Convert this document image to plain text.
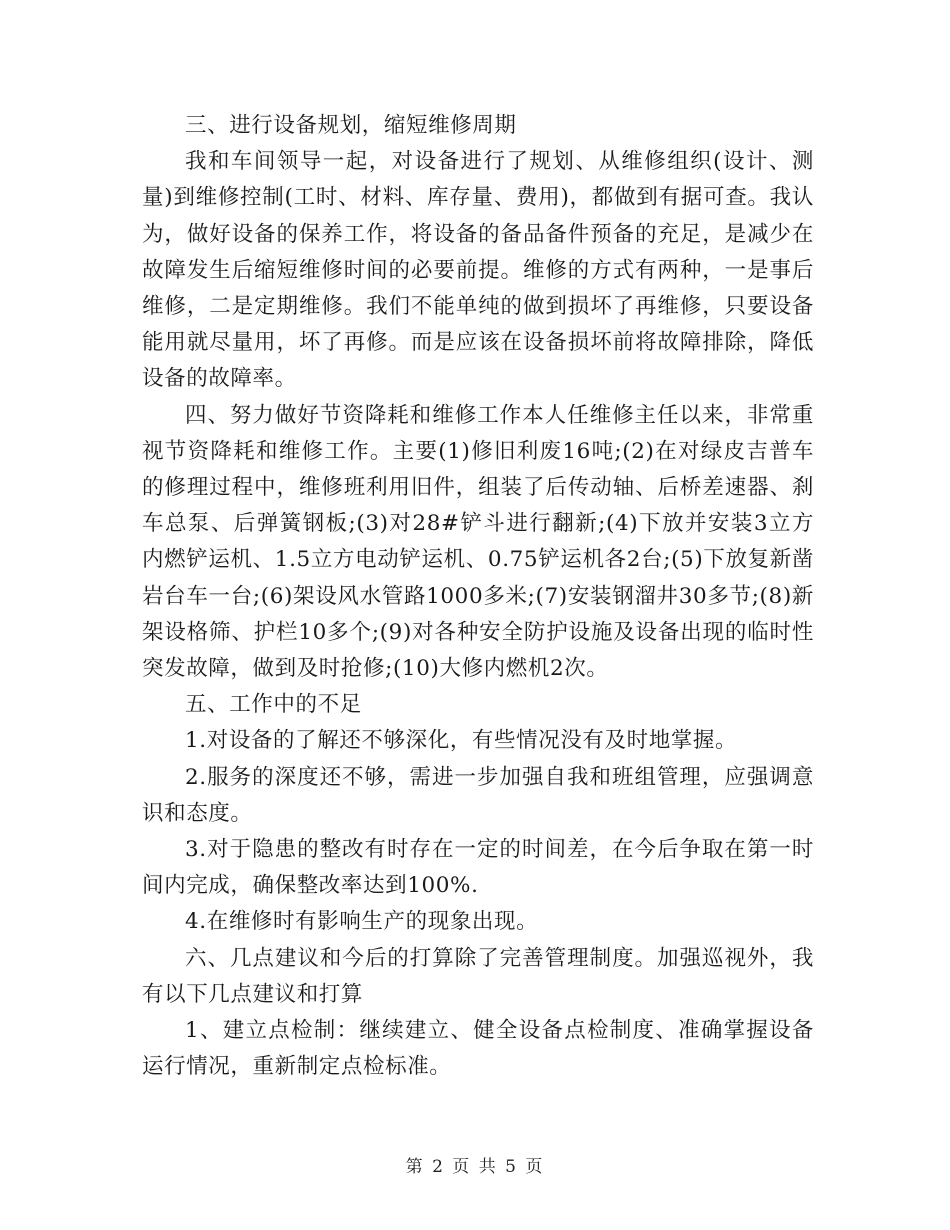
三、进行设备规划，缩短维修周期

我和车间领导一起，对设备进行了规划、从维修组织(设计、测量)到维修控制(工时、材料、库存量、费用)，都做到有据可查。我认为，做好设备的保养工作，将设备的备品备件预备的充足，是减少在故障发生后缩短维修时间的必要前提。维修的方式有两种，一是事后维修，二是定期维修。我们不能单纯的做到损坏了再维修，只要设备能用就尽量用，坏了再修。而是应该在设备损坏前将故障排除，降低设备的故障率。

四、努力做好节资降耗和维修工作本人任维修主任以来，非常重视节资降耗和维修工作。主要(1)修旧利废16吨;(2)在对绿皮吉普车的修理过程中，维修班利用旧件，组装了后传动轴、后桥差速器、刹车总泵、后弹簧钢板;(3)对28#铲斗进行翻新;(4)下放并安装3立方内燃铲运机、1.5立方电动铲运机、0.75铲运机各2台;(5)下放复新凿岩台车一台;(6)架设风水管路1000多米;(7)安装钢溜井30多节;(8)新架设格筛、护栏10多个;(9)对各种安全防护设施及设备出现的临时性突发故障，做到及时抢修;(10)大修内燃机2次。

五、工作中的不足

1.对设备的了解还不够深化，有些情况没有及时地掌握。

2.服务的深度还不够，需进一步加强自我和班组管理，应强调意识和态度。

3.对于隐患的整改有时存在一定的时间差，在今后争取在第一时间内完成，确保整改率达到100%.

4.在维修时有影响生产的现象出现。

六、几点建议和今后的打算除了完善管理制度。加强巡视外，我有以下几点建议和打算

1、建立点检制：继续建立、健全设备点检制度、准确掌握设备运行情况，重新制定点检标准。

第 2 页 共 5 页
